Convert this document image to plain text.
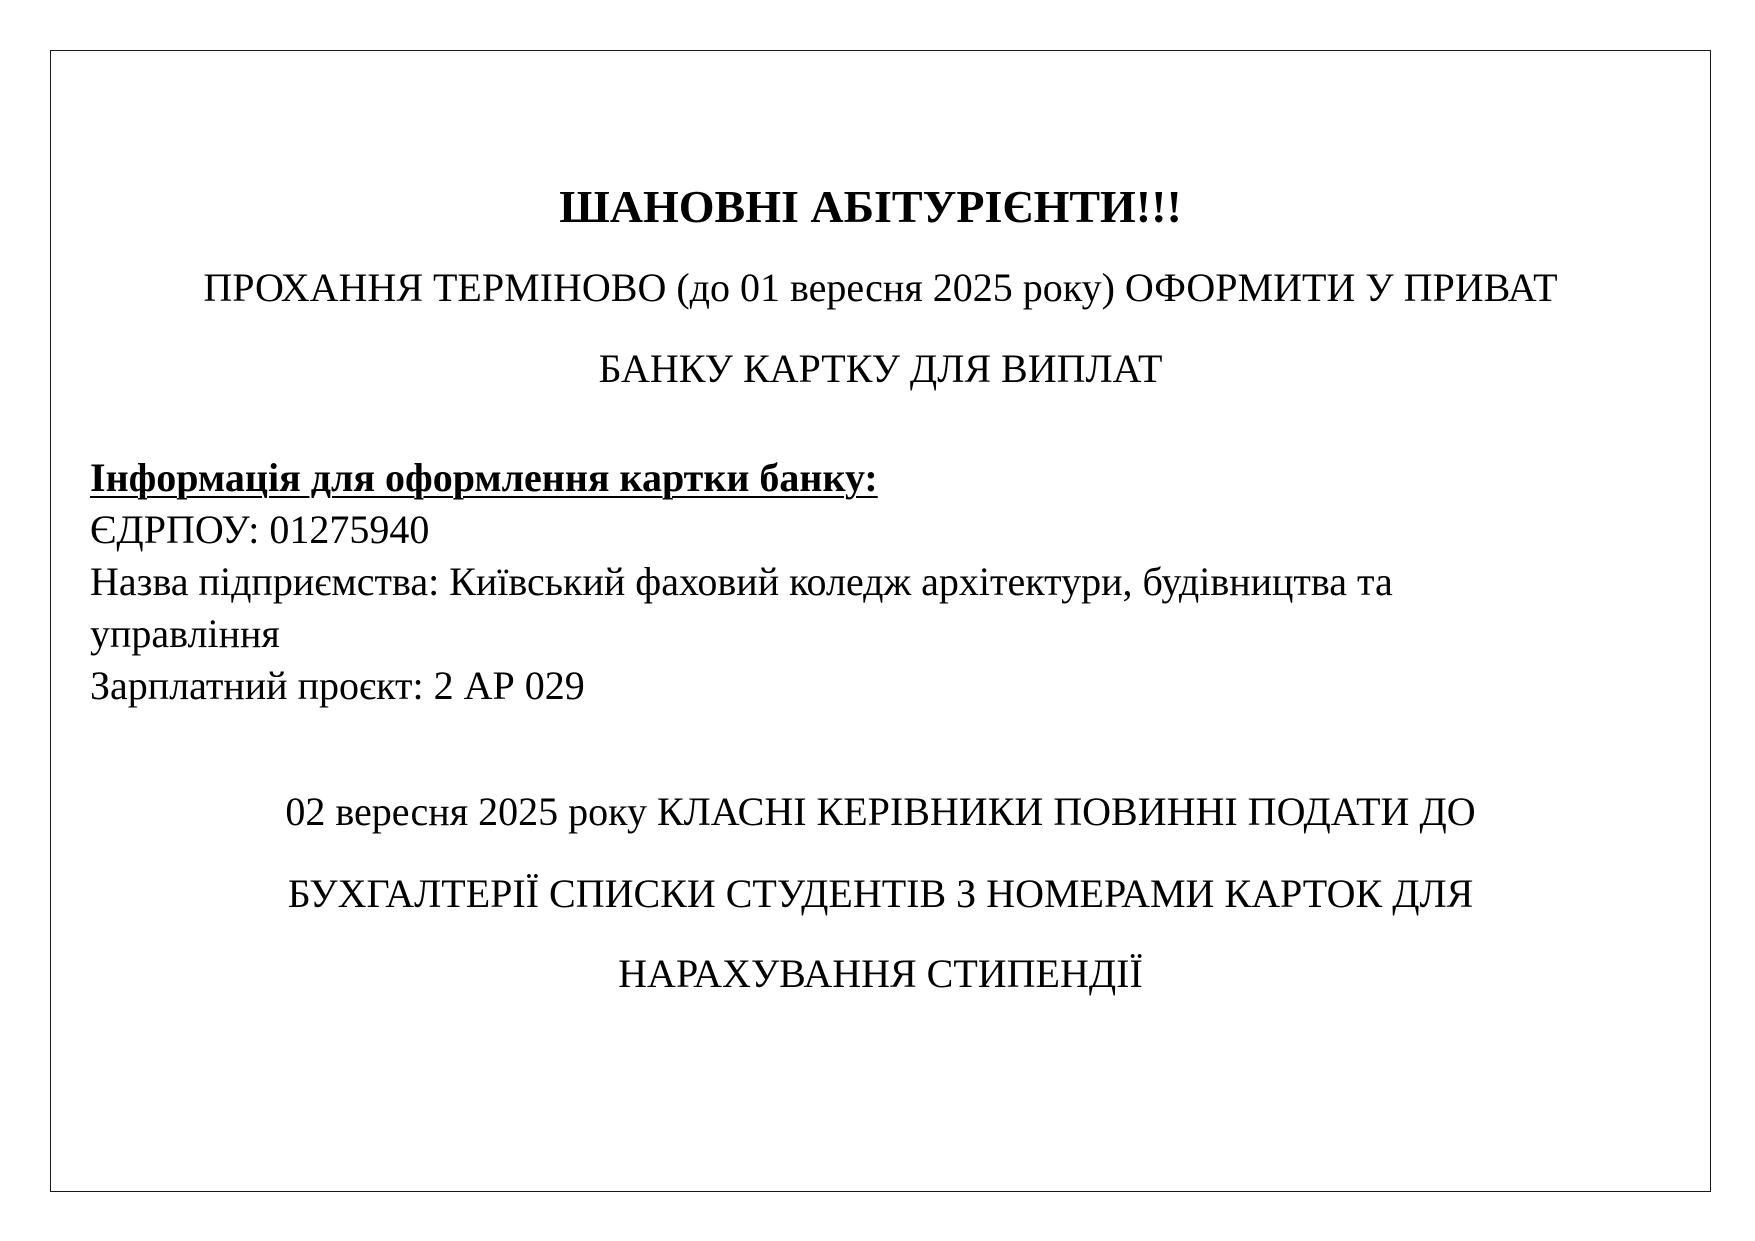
ШАНОВНІ АБІТУРІЄНТИ!!!

ПРОХАННЯ ТЕРМІНОВО (до 01 вересня 2025 року) ОФОРМИТИ У ПРИВАТ

БАНКУ КАРТКУ ДЛЯ ВИПЛАТ

Інформація для оформлення картки банку:
ЄДРПОУ: 01275940
Назва підприємства: Київський фаховий коледж архітектури, будівництва та
управління
Зарплатний проєкт: 2 АР 029

02 вересня 2025 року КЛАСНІ КЕРІВНИКИ ПОВИННІ ПОДАТИ ДО

БУХГАЛТЕРІЇ СПИСКИ СТУДЕНТІВ З НОМЕРАМИ КАРТОК ДЛЯ

НАРАХУВАННЯ СТИПЕНДІЇ
